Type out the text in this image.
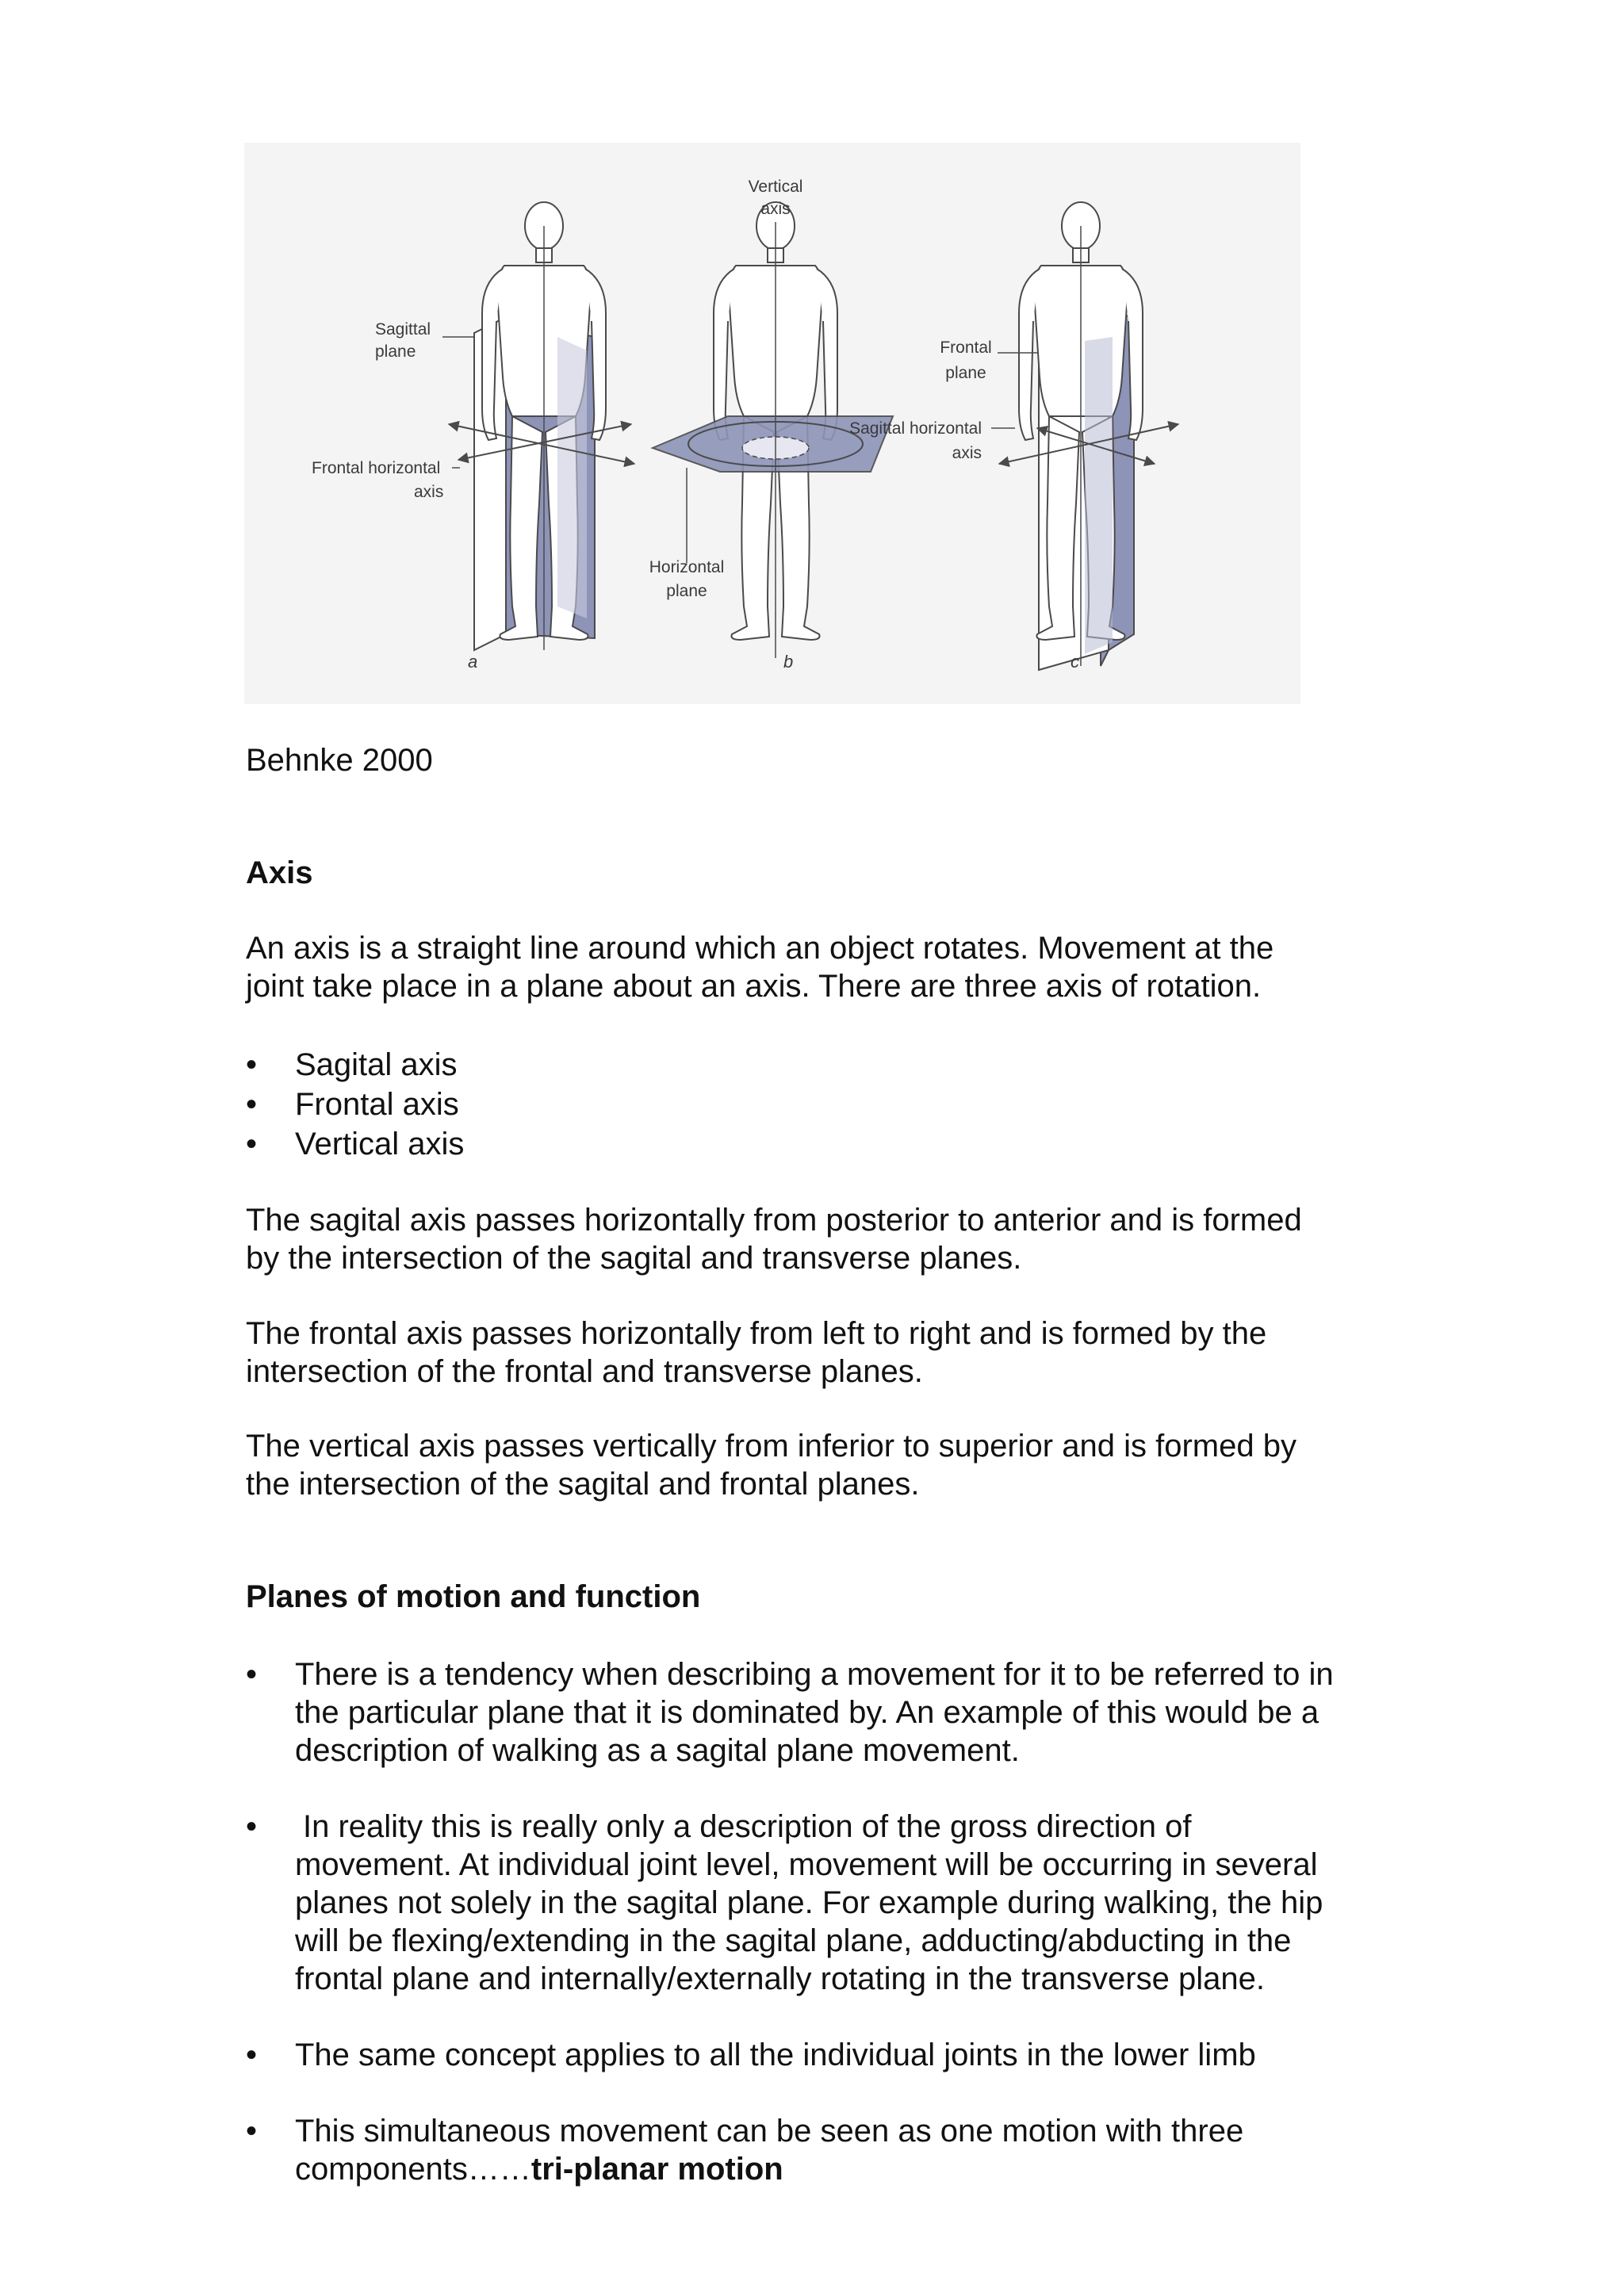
Sagittal
plane
Frontal horizontal
axis
a
Vertical
axis
Horizontal
plane
b
Frontal
plane
Sagittal horizontal
axis
c
Behnke 2000
Axis
An axis is a straight line around which an object rotates. Movement at the
joint take place in a plane about an axis. There are three axis of rotation.
• Sagital axis
• Frontal axis
• Vertical axis
The sagital axis passes horizontally from posterior to anterior and is formed
by the intersection of the sagital and transverse planes.
The frontal axis passes horizontally from left to right and is formed by the
intersection of the frontal and transverse planes.
The vertical axis passes vertically from inferior to superior and is formed by
the intersection of the sagital and frontal planes.
Planes of motion and function
• There is a tendency when describing a movement for it to be referred to in
the particular plane that it is dominated by. An example of this would be a
description of walking as a sagital plane movement.
• In reality this is really only a description of the gross direction of
movement. At individual joint level, movement will be occurring in several
planes not solely in the sagital plane. For example during walking, the hip
will be flexing/extending in the sagital plane, adducting/abducting in the
frontal plane and internally/externally rotating in the transverse plane.
• The same concept applies to all the individual joints in the lower limb
• This simultaneous movement can be seen as one motion with three
components……tri-planar motion
